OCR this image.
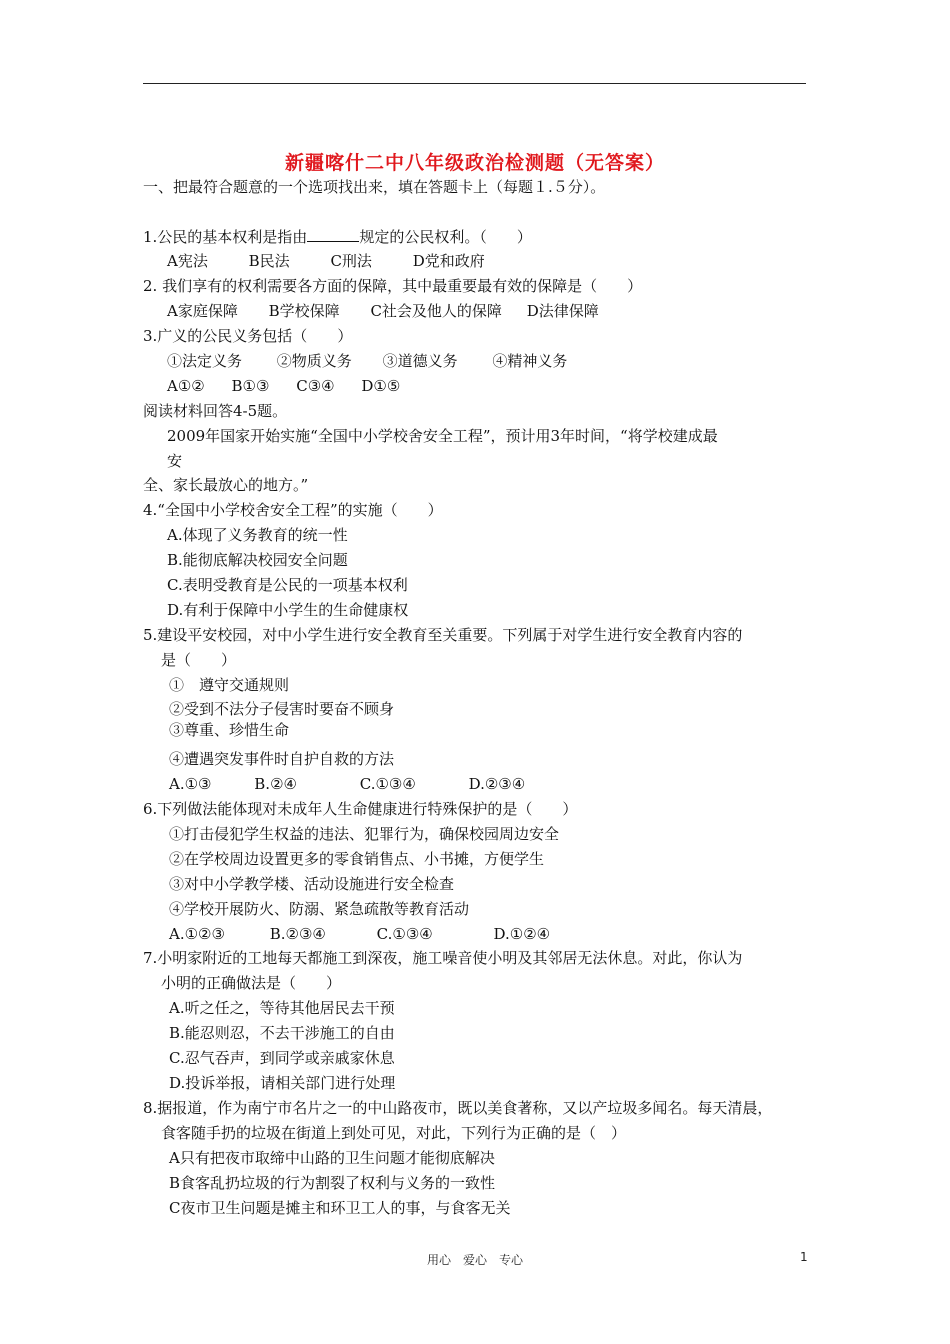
新疆喀什二中八年级政治检测题（无答案）
一、把最符合题意的一个选项找出来，填在答题卡上（每题１.５分）。
1.公民的基本权利是指由	规定的公民权利。（　　）
A宪法	B民法	C刑法	D党和政府
2. 我们享有的权利需要各方面的保障，其中最重要最有效的保障是（　　）
A家庭保障 B学校保障 C社会及他人的保障 D法律保障
3.广义的公民义务包括（　　）
①法定义务 ②物质义务 ③道德义务 ④精神义务
A①② B①③ C③④ D①⑤
阅读材料回答4-5题。
2009年国家开始实施“全国中小学校舍安全工程”，预计用3年时间，“将学校建成最
安
全、家长最放心的地方。”
4.“全国中小学校舍安全工程”的实施（　　）
A.体现了义务教育的统一性
B.能彻底解决校园安全问题
C.表明受教育是公民的一项基本权利
D.有利于保障中小学生的生命健康权
5.建设平安校园，对中小学生进行安全教育至关重要。下列属于对学生进行安全教育内容的
是（　　）
①　遵守交通规则
②受到不法分子侵害时要奋不顾身
③尊重、珍惜生命
④遭遇突发事件时自护自救的方法
A.①③	B.②④	C.①③④	D.②③④
6.下列做法能体现对未成年人生命健康进行特殊保护的是（　　）
①打击侵犯学生权益的违法、犯罪行为，确保校园周边安全
②在学校周边设置更多的零食销售点、小书摊，方便学生
③对中小学教学楼、活动设施进行安全检查
④学校开展防火、防溺、紧急疏散等教育活动
A.①②③	B.②③④	C.①③④	D.①②④
7.小明家附近的工地每天都施工到深夜，施工噪音使小明及其邻居无法休息。对此，你认为
小明的正确做法是（　　）
A.听之任之，等待其他居民去干预
B.能忍则忍，不去干涉施工的自由
C.忍气吞声，到同学或亲戚家休息
D.投诉举报，请相关部门进行处理
8.据报道，作为南宁市名片之一的中山路夜市，既以美食著称，又以产垃圾多闻名。每天清晨，
食客随手扔的垃圾在街道上到处可见，对此，下列行为正确的是（　）
A只有把夜市取缔中山路的卫生问题才能彻底解决
B食客乱扔垃圾的行为割裂了权利与义务的一致性
C夜市卫生问题是摊主和环卫工人的事，与食客无关
用心　爱心　专心	1
